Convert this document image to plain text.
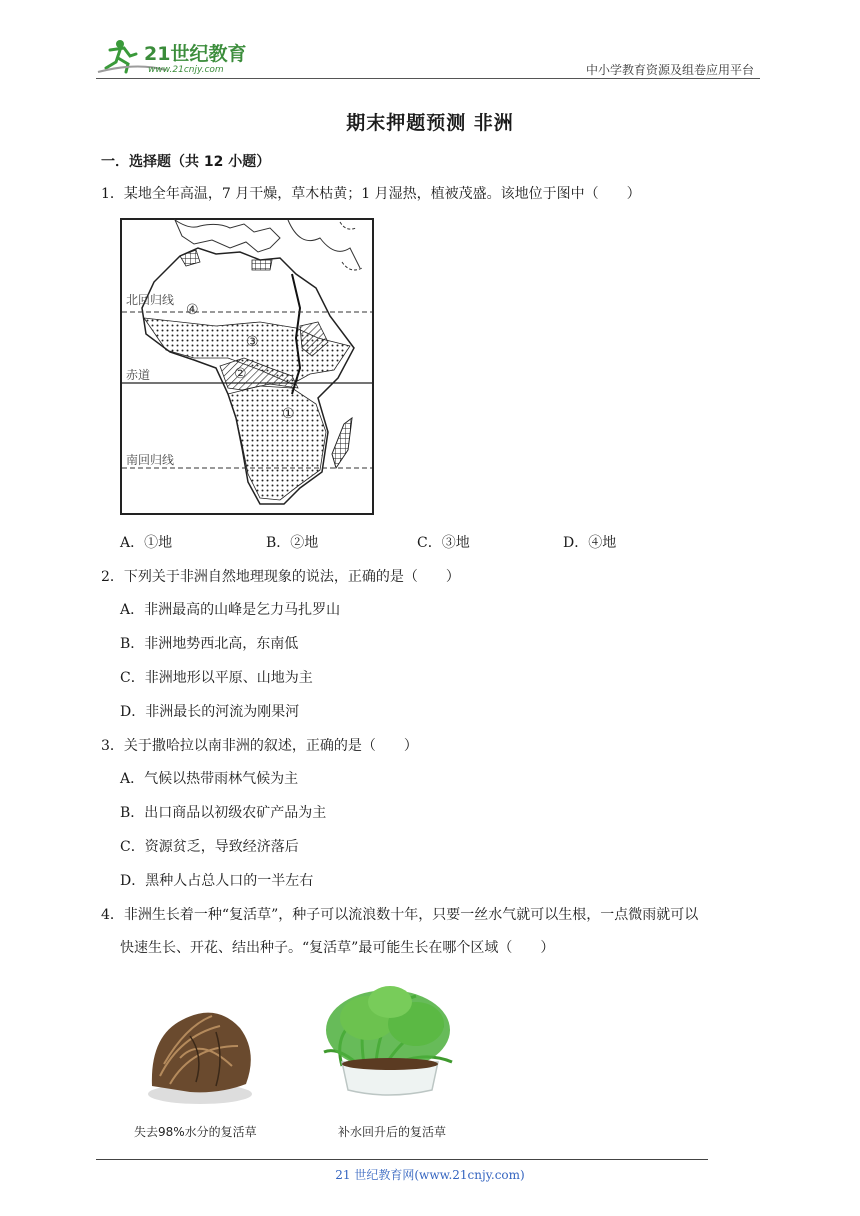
21世纪教育
www.21cnjy.com	中小学教育资源及组卷应用平台
期末押题预测 非洲
一．选择题（共 12 小题）
1．某地全年高温，7 月干燥，草木枯黄；1 月湿热，植被茂盛。该地位于图中（　　）
北回归线
赤道
南回归线
①
②
③
④
A．①地	B．②地	C．③地	D．④地
2．下列关于非洲自然地理现象的说法，正确的是（　　）
A．非洲最高的山峰是乞力马扎罗山
B．非洲地势西北高，东南低
C．非洲地形以平原、山地为主
D．非洲最长的河流为刚果河
3．关于撒哈拉以南非洲的叙述，正确的是（　　）
A．气候以热带雨林气候为主
B．出口商品以初级农矿产品为主
C．资源贫乏，导致经济落后
D．黑种人占总人口的一半左右
4．非洲生长着一种“复活草”，种子可以流浪数十年，只要一丝水气就可以生根，一点微雨就可以
快速生长、开花、结出种子。“复活草”最可能生长在哪个区域（　　）
失去98%水分的复活草	补水回升后的复活草
21 世纪教育网(www.21cnjy.com)
